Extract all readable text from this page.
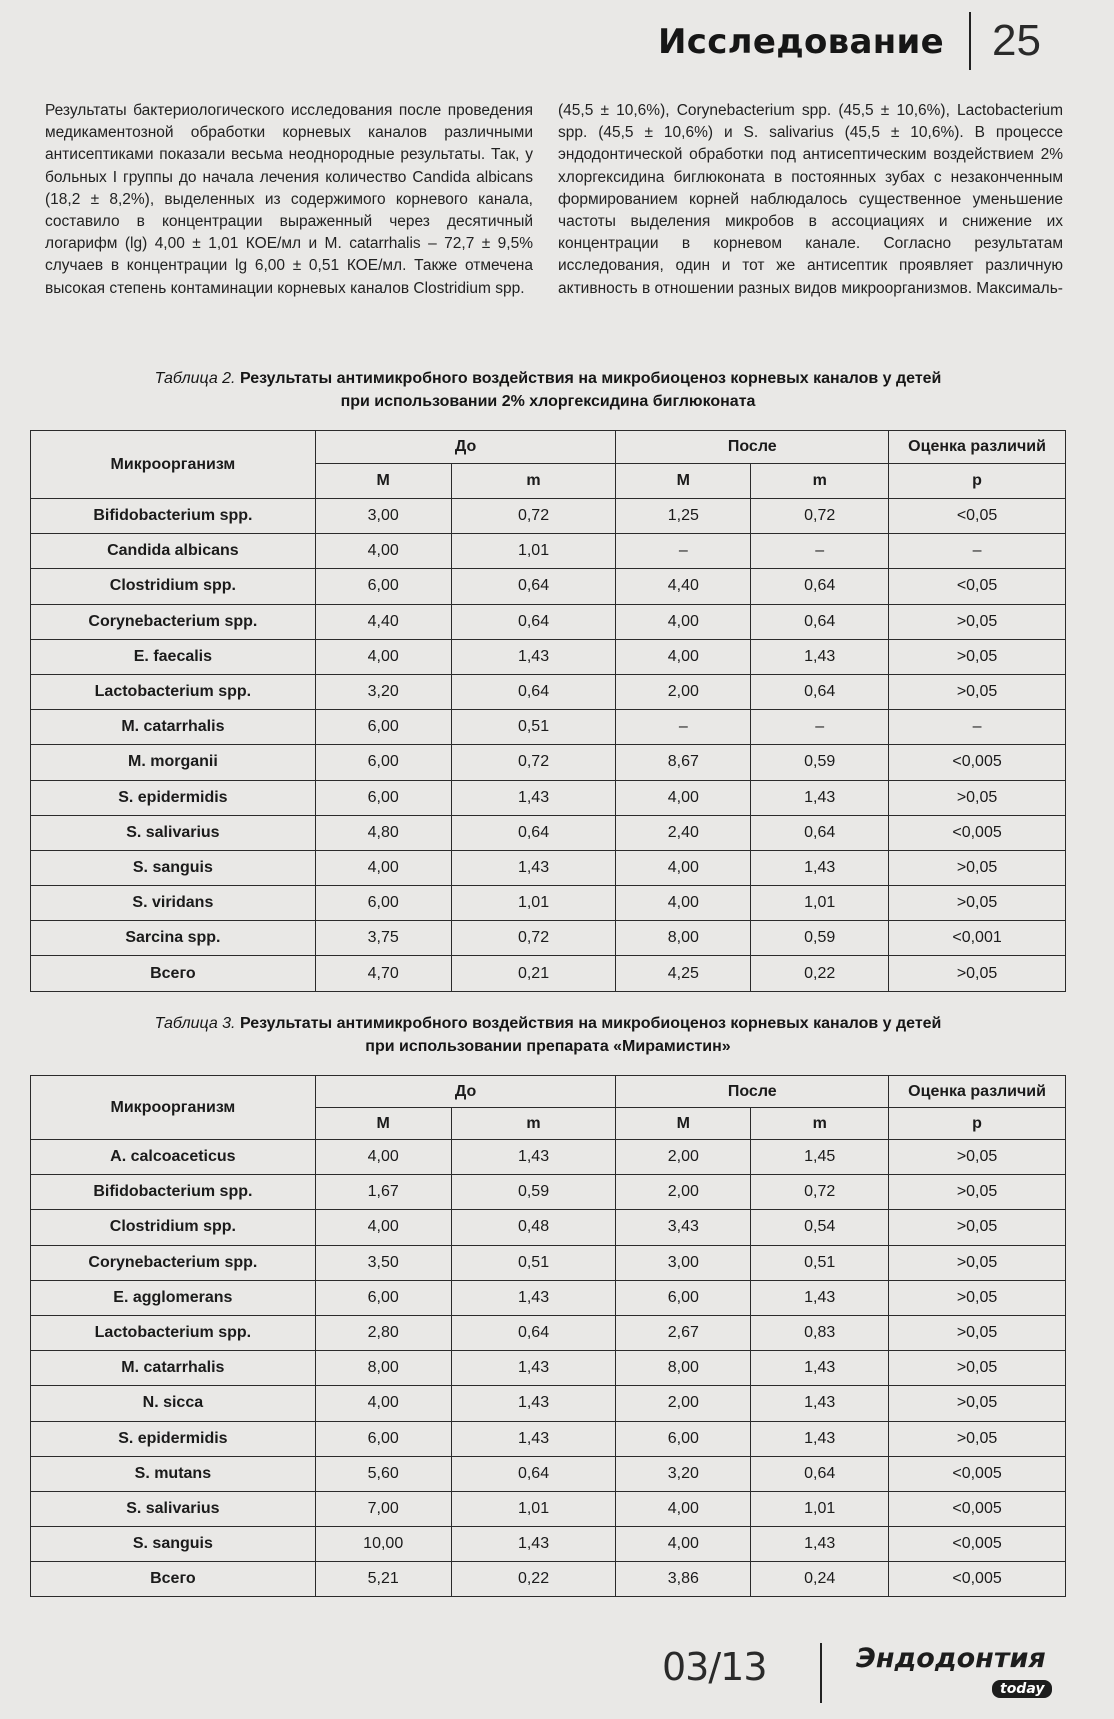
Исследование 25
Результаты бактериологического исследования после проведения медикаментозной обработки корневых каналов различными антисептиками показали весьма неоднородные результаты. Так, у больных I группы до начала лечения количество Candida albicans (18,2 ± 8,2%), выделенных из содержимого корневого канала, составило в концентрации выраженный через десятичный логарифм (lg) 4,00 ± 1,01 КОЕ/мл и M. catarrhalis – 72,7 ± 9,5% случаев в концентрации lg 6,00 ± 0,51 КОЕ/мл. Также отмечена высокая степень контаминации корневых каналов Clostridium spp.
(45,5 ± 10,6%), Corynebacterium spp. (45,5 ± 10,6%), Lactobacterium spp. (45,5 ± 10,6%) и S. salivarius (45,5 ± 10,6%). В процессе эндодонтической обработки под антисептическим воздействием 2% хлоргексидина биглюконата в постоянных зубах с незаконченным формированием корней наблюдалось существенное уменьшение частоты выделения микробов в ассоциациях и снижение их концентрации в корневом канале. Согласно результатам исследования, один и тот же антисептик проявляет различную активность в отношении разных видов микроорганизмов. Максималь-
Таблица 2. Результаты антимикробного воздействия на микробиоценоз корневых каналов у детей
при использовании 2% хлоргексидина биглюконата
Микроорганизм	До		После		Оценка различий
	M	m	M	m	p
Bifidobacterium spp.	3,00	0,72	1,25	0,72	<0,05
Candida albicans	4,00	1,01	–	–	–
Clostridium spp.	6,00	0,64	4,40	0,64	<0,05
Corynebacterium spp.	4,40	0,64	4,00	0,64	>0,05
E. faecalis	4,00	1,43	4,00	1,43	>0,05
Lactobacterium spp.	3,20	0,64	2,00	0,64	>0,05
M. catarrhalis	6,00	0,51	–	–	–
M. morganii	6,00	0,72	8,67	0,59	<0,005
S. epidermidis	6,00	1,43	4,00	1,43	>0,05
S. salivarius	4,80	0,64	2,40	0,64	<0,005
S. sanguis	4,00	1,43	4,00	1,43	>0,05
S. viridans	6,00	1,01	4,00	1,01	>0,05
Sarcina spp.	3,75	0,72	8,00	0,59	<0,001
Всего	4,70	0,21	4,25	0,22	>0,05
Таблица 3. Результаты антимикробного воздействия на микробиоценоз корневых каналов у детей
при использовании препарата «Мирамистин»
Микроорганизм	До		После		Оценка различий
	M	m	M	m	p
A. calcoaceticus	4,00	1,43	2,00	1,45	>0,05
Bifidobacterium spp.	1,67	0,59	2,00	0,72	>0,05
Clostridium spp.	4,00	0,48	3,43	0,54	>0,05
Corynebacterium spp.	3,50	0,51	3,00	0,51	>0,05
E. agglomerans	6,00	1,43	6,00	1,43	>0,05
Lactobacterium spp.	2,80	0,64	2,67	0,83	>0,05
M. catarrhalis	8,00	1,43	8,00	1,43	>0,05
N. sicca	4,00	1,43	2,00	1,43	>0,05
S. epidermidis	6,00	1,43	6,00	1,43	>0,05
S. mutans	5,60	0,64	3,20	0,64	<0,005
S. salivarius	7,00	1,01	4,00	1,01	<0,005
S. sanguis	10,00	1,43	4,00	1,43	<0,005
Всего	5,21	0,22	3,86	0,24	<0,005
03/13	Эндодонтия
today
